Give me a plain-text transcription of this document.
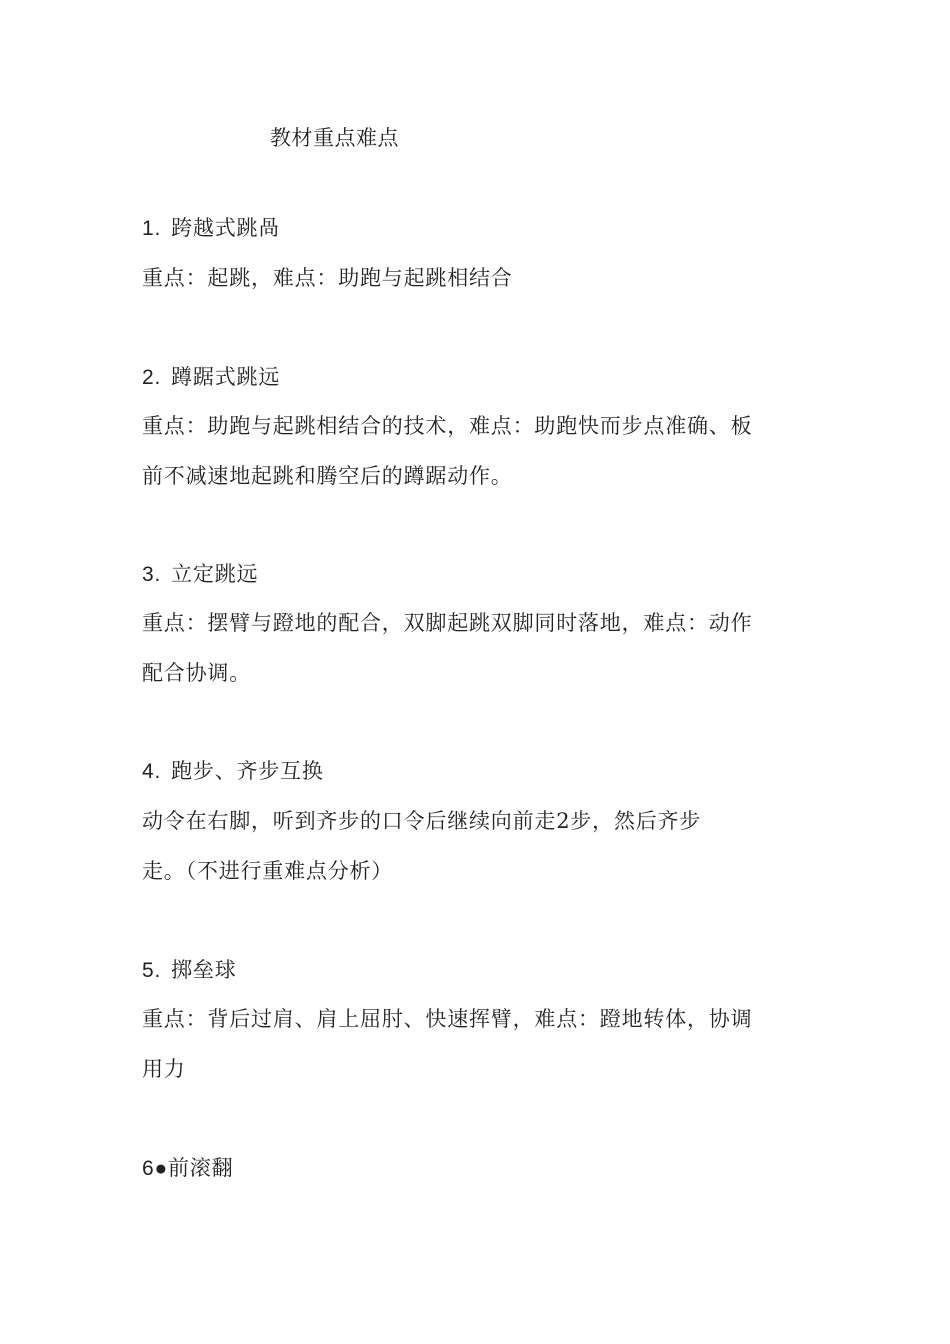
教材重点难点
1. 跨越式跳咼
重点：起跳，难点：助跑与起跳相结合
2. 蹲踞式跳远
重点：助跑与起跳相结合的技术，难点：助跑快而步点准确、板
前不减速地起跳和腾空后的蹲踞动作。
3. 立定跳远
重点：摆臂与蹬地的配合，双脚起跳双脚同时落地，难点：动作
配合协调。
4. 跑步、齐步互换
动令在右脚，听到齐步的口令后继续向前走2步，然后齐步
走。（不进行重难点分析）
5. 掷垒球
重点：背后过肩、肩上屈肘、快速挥臂，难点：蹬地转体，协调
用力
6●前滚翻
